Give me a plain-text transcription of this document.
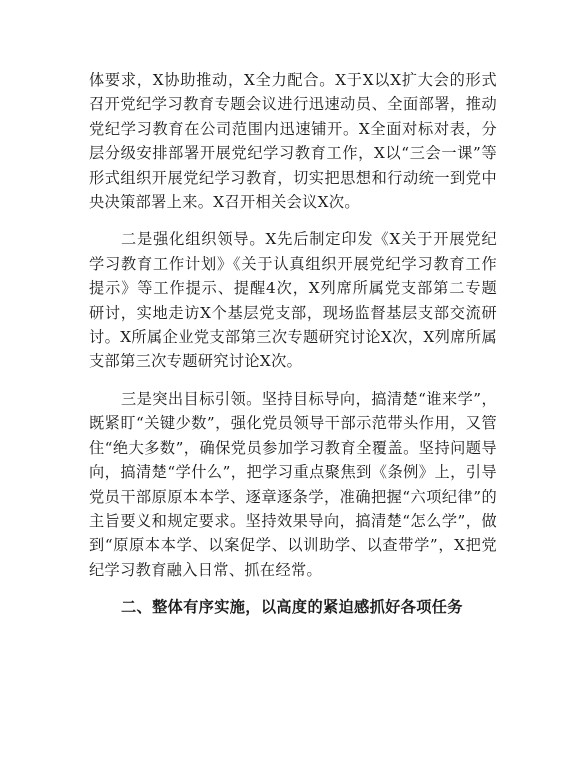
体要求，X协助推动，X全力配合。X于X以X扩大会的形式召开党纪学习教育专题会议进行迅速动员、全面部署，推动党纪学习教育在公司范围内迅速铺开。X全面对标对表，分层分级安排部署开展党纪学习教育工作，X以“三会一课”等形式组织开展党纪学习教育，切实把思想和行动统一到党中央决策部署上来。X召开相关会议X次。

二是强化组织领导。X先后制定印发《X关于开展党纪学习教育工作计划》《关于认真组织开展党纪学习教育工作提示》等工作提示、提醒4次，X列席所属党支部第二专题研讨，实地走访X个基层党支部，现场监督基层支部交流研讨。X所属企业党支部第三次专题研究讨论X次，X列席所属支部第三次专题研究讨论X次。

三是突出目标引领。坚持目标导向，搞清楚“谁来学”，既紧盯“关键少数”，强化党员领导干部示范带头作用，又管住“绝大多数”，确保党员参加学习教育全覆盖。坚持问题导向，搞清楚“学什么”，把学习重点聚焦到《条例》上，引导党员干部原原本本学、逐章逐条学，准确把握“六项纪律”的主旨要义和规定要求。坚持效果导向，搞清楚“怎么学”，做到“原原本本学、以案促学、以训助学、以查带学”，X把党纪学习教育融入日常、抓在经常。

二、整体有序实施，以高度的紧迫感抓好各项任务
